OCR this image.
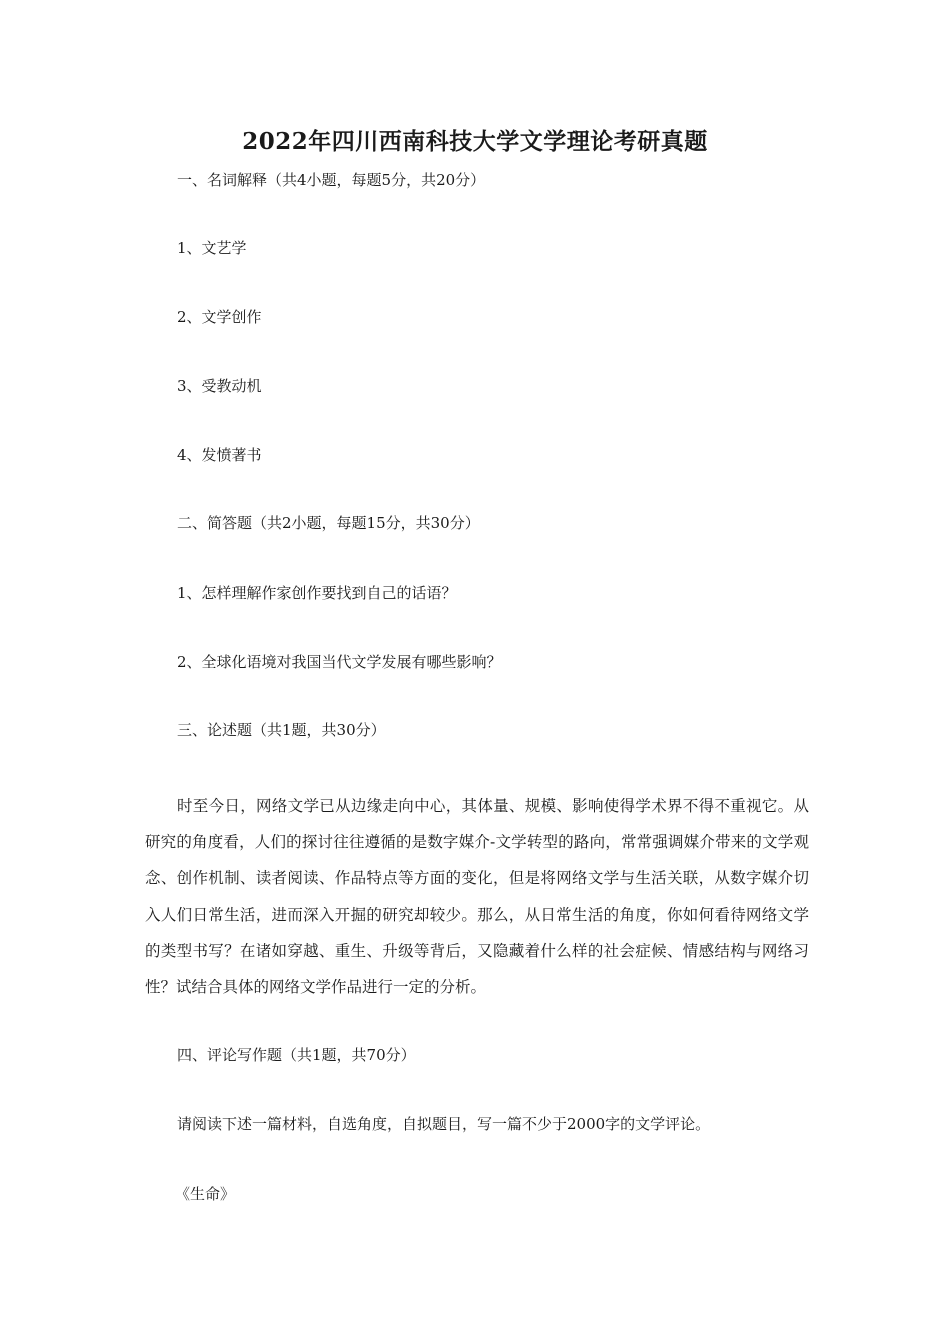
2022年四川西南科技大学文学理论考研真题
一、名词解释（共4小题，每题5分，共20分）
1、文艺学
2、文学创作
3、受教动机
4、发愤著书
二、简答题（共2小题，每题15分，共30分）
1、怎样理解作家创作要找到自己的话语？
2、全球化语境对我国当代文学发展有哪些影响？
三、论述题（共1题，共30分）
时至今日，网络文学已从边缘走向中心，其体量、规模、影响使得学术界不得不重视它。从研究的角度看，人们的探讨往往遵循的是数字媒介-文学转型的路向，常常强调媒介带来的文学观念、创作机制、读者阅读、作品特点等方面的变化，但是将网络文学与生活关联，从数字媒介切入人们日常生活，进而深入开掘的研究却较少。那么，从日常生活的角度，你如何看待网络文学的类型书写？在诸如穿越、重生、升级等背后，又隐藏着什么样的社会症候、情感结构与网络习性？试结合具体的网络文学作品进行一定的分析。
四、评论写作题（共1题，共70分）
请阅读下述一篇材料，自选角度，自拟题目，写一篇不少于2000字的文学评论。
《生命》
